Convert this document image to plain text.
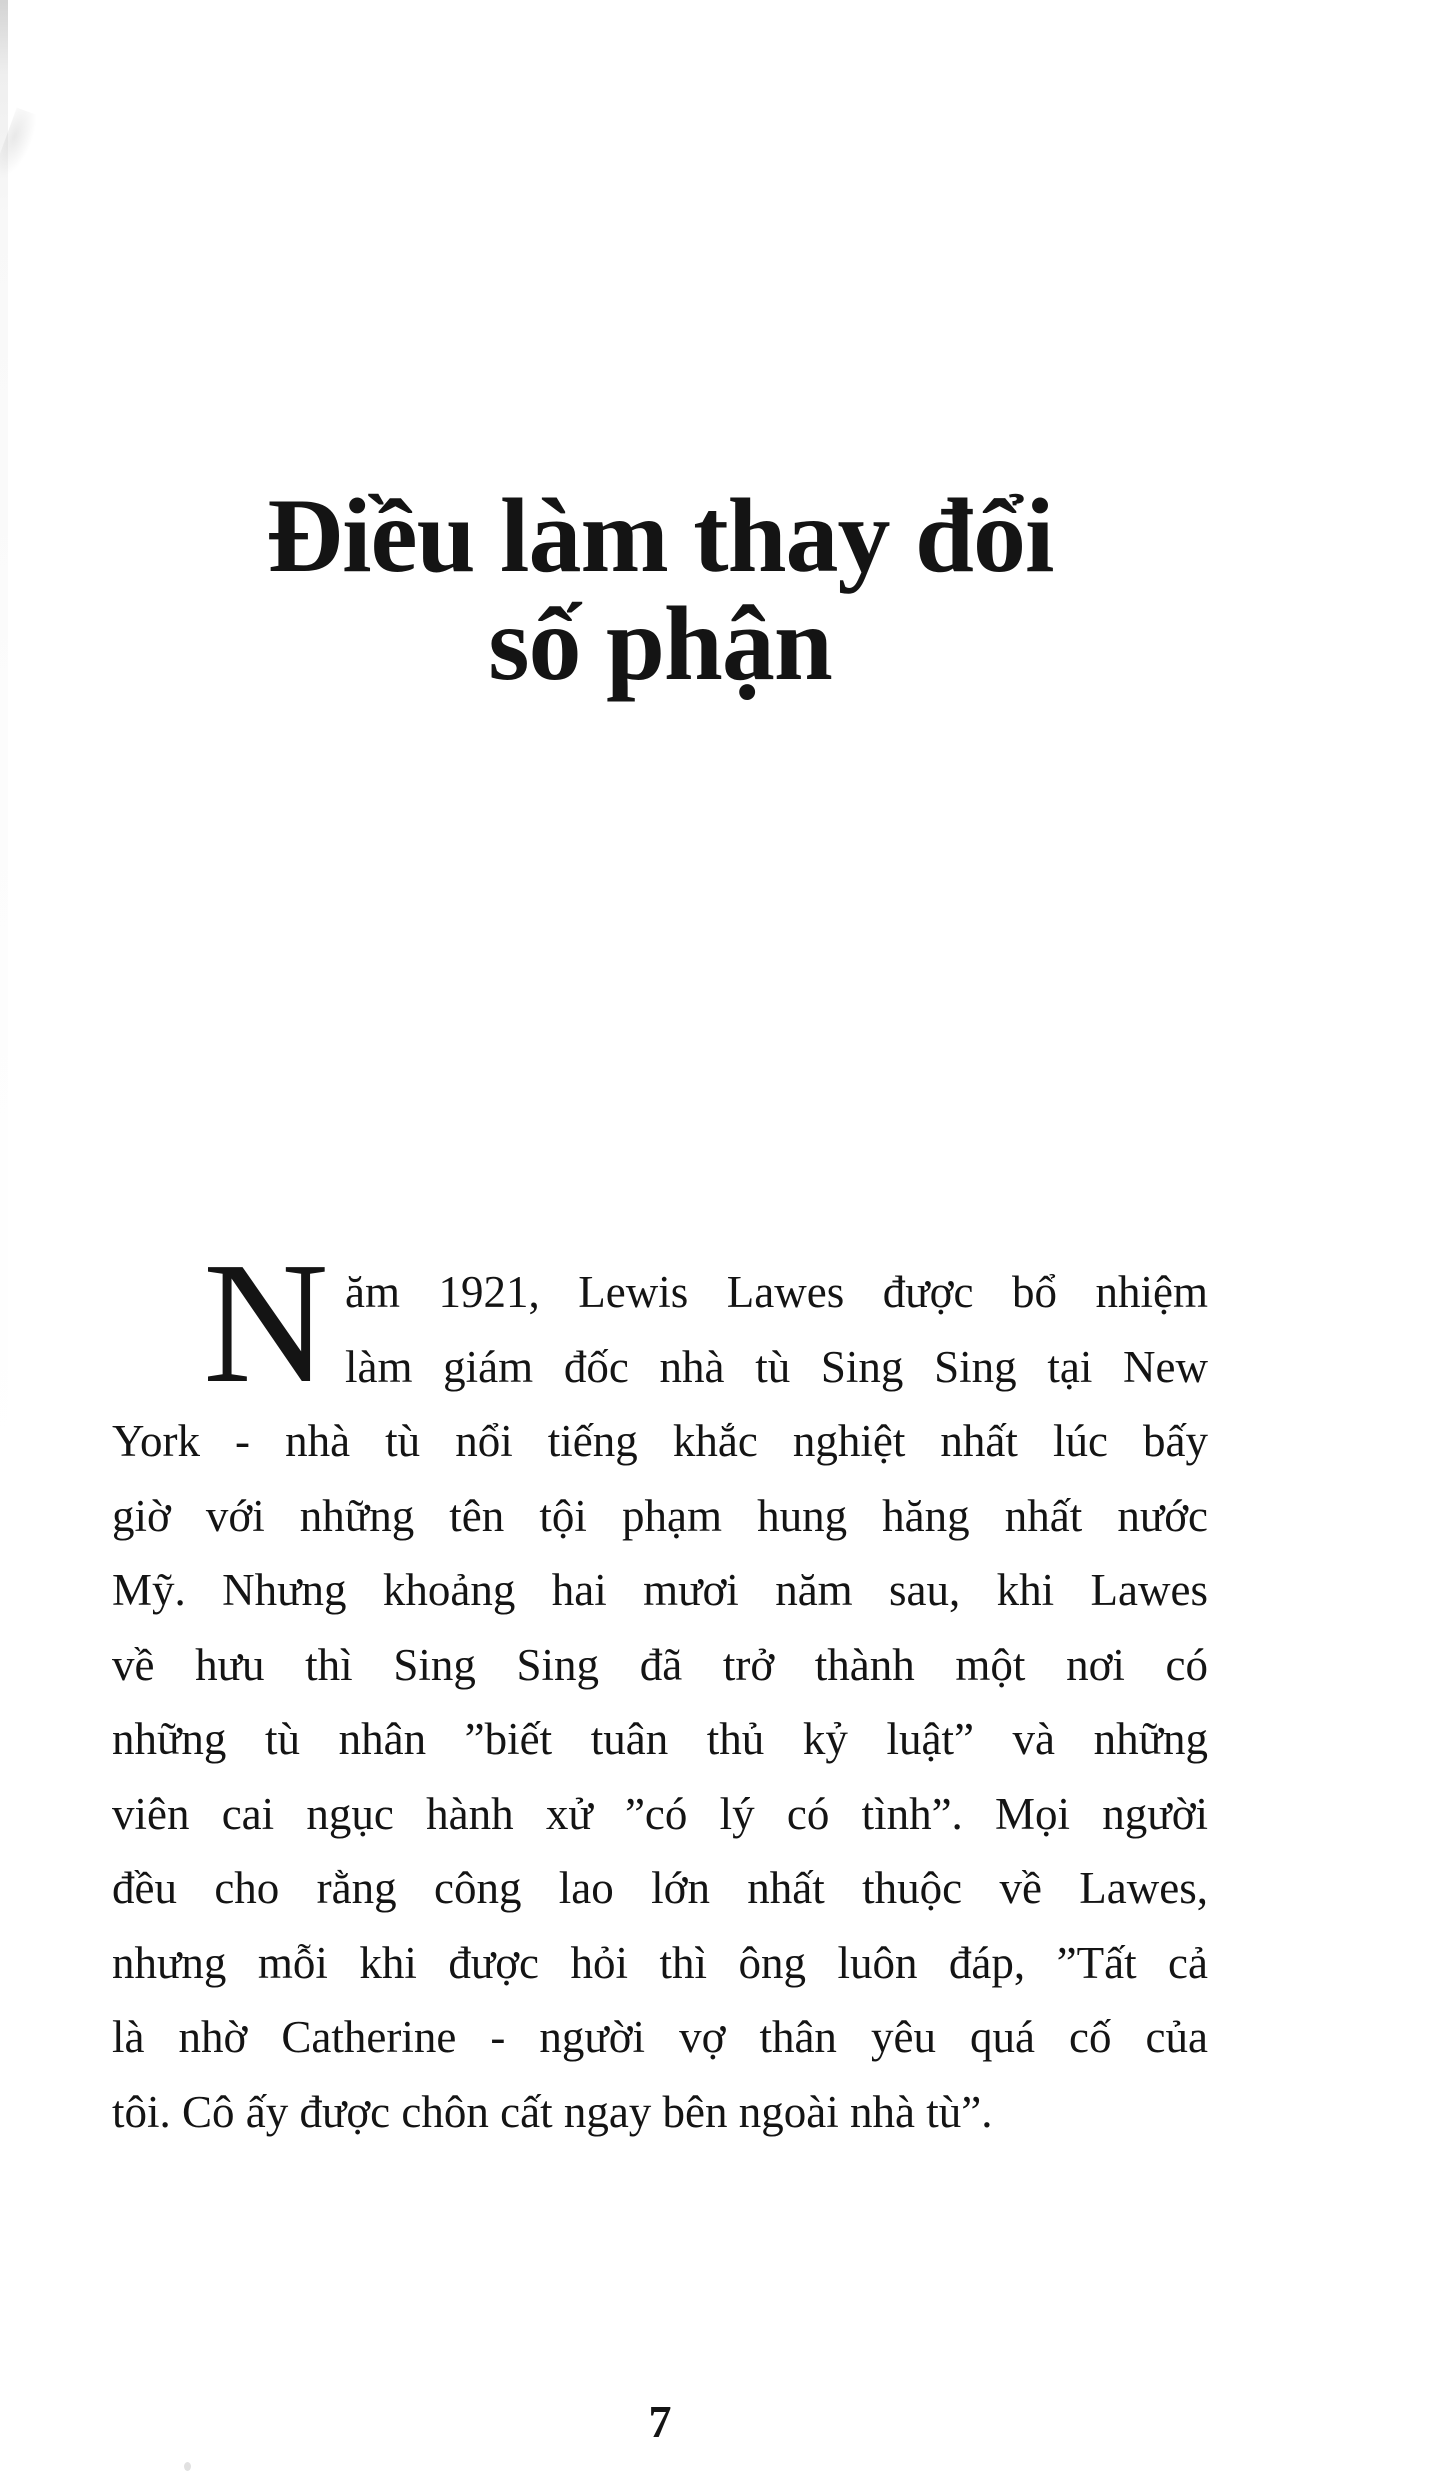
Điều làm thay đổi
số phận
N ăm 1921, Lewis Lawes được bổ nhiệm
làm giám đốc nhà tù Sing Sing tại New
York - nhà tù nổi tiếng khắc nghiệt nhất lúc bấy
giờ với những tên tội phạm hung hăng nhất nước
Mỹ. Nhưng khoảng hai mươi năm sau, khi Lawes
về hưu thì Sing Sing đã trở thành một nơi có
những tù nhân ”biết tuân thủ kỷ luật” và những
viên cai ngục hành xử ”có lý có tình”. Mọi người
đều cho rằng công lao lớn nhất thuộc về Lawes,
nhưng mỗi khi được hỏi thì ông luôn đáp, ”Tất cả
là nhờ Catherine - người vợ thân yêu quá cố của
tôi. Cô ấy được chôn cất ngay bên ngoài nhà tù”.
7
